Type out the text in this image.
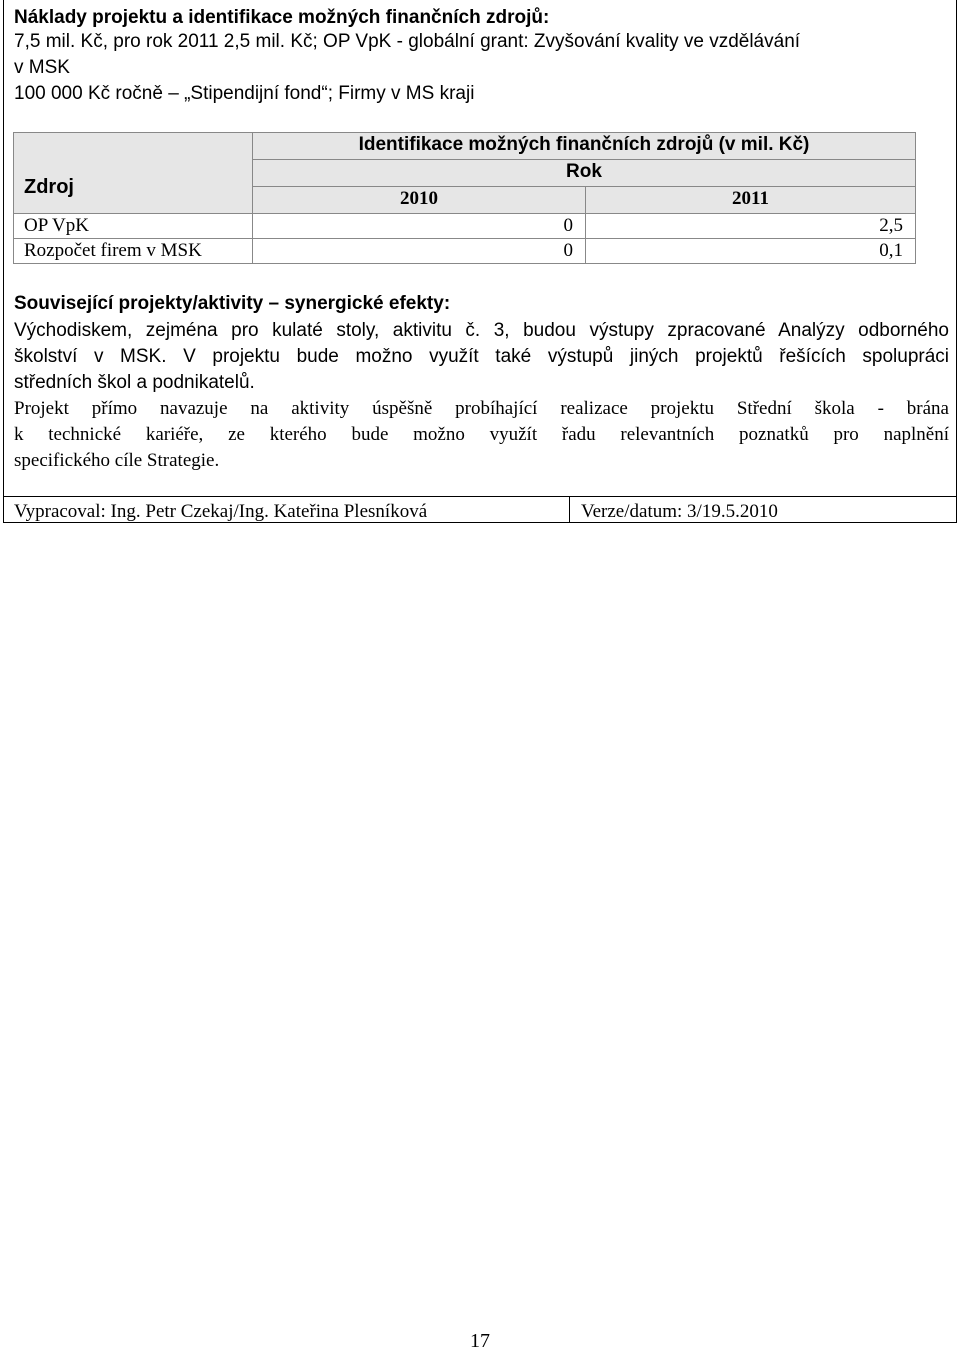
Náklady projektu a identifikace možných finančních zdrojů:
7,5 mil. Kč, pro rok 2011 2,5 mil. Kč; OP VpK - globální grant: Zvyšování kvality ve vzdělávání
v MSK
100 000 Kč ročně – „Stipendijní fond“; Firmy v MS kraji
Zdroj
Identifikace možných finančních zdrojů (v mil. Kč)
Rok
2010	2011
OP VpK	0	2,5
Rozpočet firem v MSK	0	0,1
Související projekty/aktivity – synergické efekty:
Východiskem, zejména pro kulaté stoly, aktivitu č. 3, budou výstupy zpracované Analýzy odborného
školství v MSK. V projektu bude možno využít také výstupů jiných projektů řešících spolupráci
středních škol a podnikatelů.
Projekt přímo navazuje na aktivity úspěšně probíhající realizace projektu Střední škola - brána
k technické kariéře, ze kterého bude možno využít řadu relevantních poznatků pro naplnění
specifického cíle Strategie.
Vypracoval: Ing. Petr Czekaj/Ing. Kateřina Plesníková	Verze/datum: 3/19.5.2010
17
